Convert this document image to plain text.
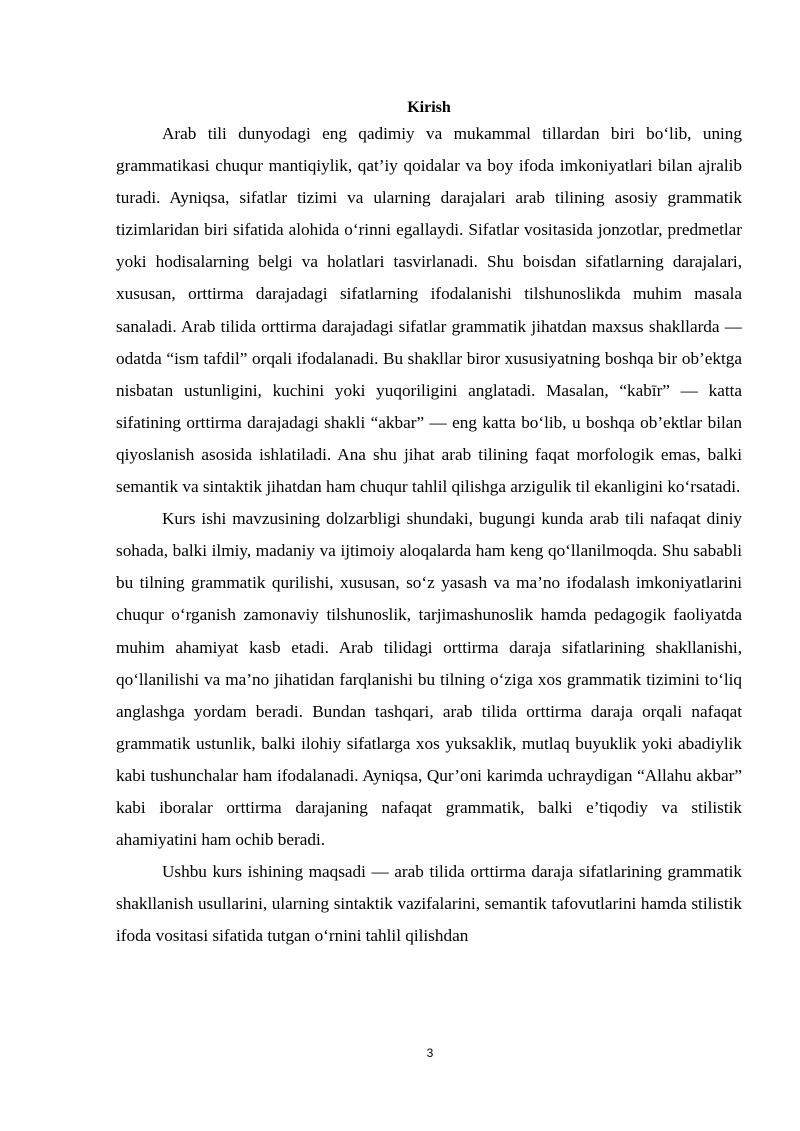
Kirish

Arab tili dunyodagi eng qadimiy va mukammal tillardan biri bo‘lib, uning grammatikasi chuqur mantiqiylik, qat’iy qoidalar va boy ifoda imkoniyatlari bilan ajralib turadi. Ayniqsa, sifatlar tizimi va ularning darajalari arab tilining asosiy grammatik tizimlaridan biri sifatida alohida o‘rinni egallaydi. Sifatlar vositasida jonzotlar, predmetlar yoki hodisalarning belgi va holatlari tasvirlanadi. Shu boisdan sifatlarning darajalari, xususan, orttirma darajadagi sifatlarning ifodalanishi tilshunoslikda muhim masala sanaladi. Arab tilida orttirma darajadagi sifatlar grammatik jihatdan maxsus shakllarda — odatda “ism tafdil” orqali ifodalanadi. Bu shakllar biror xususiyatning boshqa bir ob’ektga nisbatan ustunligini, kuchini yoki yuqoriligini anglatadi. Masalan, “kabīr” — katta sifatining orttirma darajadagi shakli “akbar” — eng katta bo‘lib, u boshqa ob’ektlar bilan qiyoslanish asosida ishlatiladi. Ana shu jihat arab tilining faqat morfologik emas, balki semantik va sintaktik jihatdan ham chuqur tahlil qilishga arzigulik til ekanligini ko‘rsatadi.

Kurs ishi mavzusining dolzarbligi shundaki, bugungi kunda arab tili nafaqat diniy sohada, balki ilmiy, madaniy va ijtimoiy aloqalarda ham keng qo‘llanilmoqda. Shu sababli bu tilning grammatik qurilishi, xususan, so‘z yasash va ma’no ifodalash imkoniyatlarini chuqur o‘rganish zamonaviy tilshunoslik, tarjimashunoslik hamda pedagogik faoliyatda muhim ahamiyat kasb etadi. Arab tilidagi orttirma daraja sifatlarining shakllanishi, qo‘llanilishi va ma’no jihatidan farqlanishi bu tilning o‘ziga xos grammatik tizimini to‘liq anglashga yordam beradi. Bundan tashqari, arab tilida orttirma daraja orqali nafaqat grammatik ustunlik, balki ilohiy sifatlarga xos yuksaklik, mutlaq buyuklik yoki abadiylik kabi tushunchalar ham ifodalanadi. Ayniqsa, Qur’oni karimda uchraydigan “Allahu akbar” kabi iboralar orttirma darajaning nafaqat grammatik, balki e’tiqodiy va stilistik ahamiyatini ham ochib beradi.

Ushbu kurs ishining maqsadi — arab tilida orttirma daraja sifatlarining grammatik shakllanish usullarini, ularning sintaktik vazifalarini, semantik tafovutlarini hamda stilistik ifoda vositasi sifatida tutgan o‘rnini tahlil qilishdan

3
